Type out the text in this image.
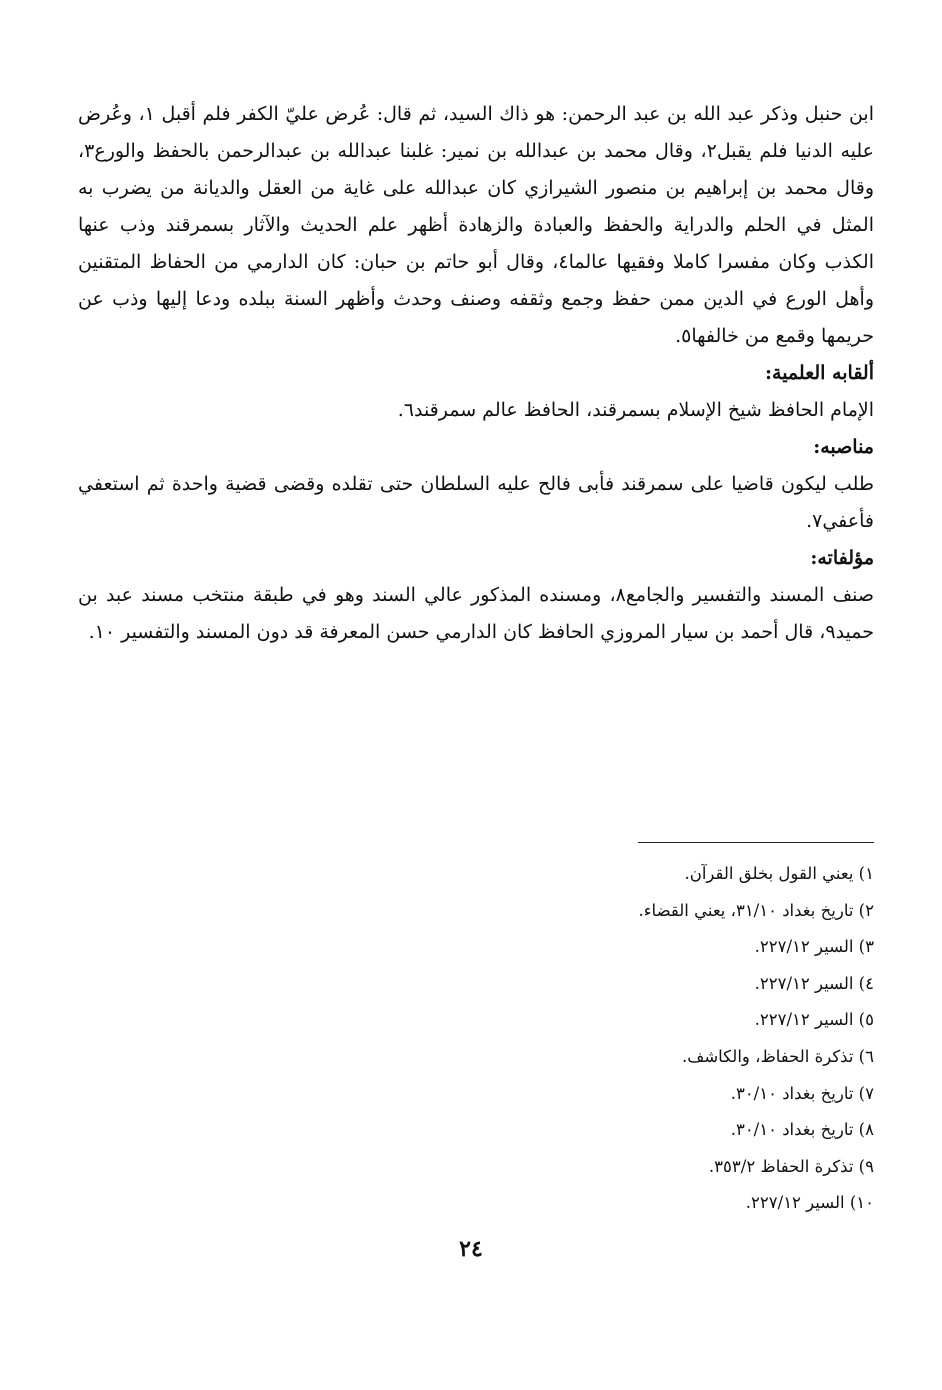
ابن حنبل وذكر عبد الله بن عبد الرحمن: هو ذاك السيد، ثم قال: عُرض عليّ الكفر فلم أقبل ١، وعُرض عليه الدنيا فلم يقبل٢، وقال محمد بن عبدالله بن نمير: غلبنا عبدالله بن عبدالرحمن بالحفظ والورع٣، وقال محمد بن إبراهيم بن منصور الشيرازي كان عبدالله على غاية من العقل والديانة من يضرب به المثل في الحلم والدراية والحفظ والعبادة والزهادة أظهر علم الحديث والآثار بسمرقند وذب عنها الكذب وكان مفسرا كاملا وفقيها عالما٤، وقال أبو حاتم بن حبان: كان الدارمي من الحفاظ المتقنين وأهل الورع في الدين ممن حفظ وجمع وثقفه وصنف وحدث وأظهر السنة ببلده ودعا إليها وذب عن حريمها وقمع من خالفها٥.

ألقابه العلمية:

الإمام الحافظ شيخ الإسلام بسمرقند، الحافظ عالم سمرقند٦.

مناصبه:

طلب ليكون قاضيا على سمرقند فأبى فالح عليه السلطان حتى تقلده وقضى قضية واحدة ثم استعفي فأعفي٧.

مؤلفاته:

صنف المسند والتفسير والجامع٨، ومسنده المذكور عالي السند وهو في طبقة منتخب مسند عبد بن حميد٩، قال أحمد بن سيار المروزي الحافظ كان الدارمي حسن المعرفة قد دون المسند والتفسير ١٠.

١) يعني القول بخلق القرآن.
٢) تاريخ بغداد ٣١/١٠، يعني القضاء.
٣) السير ٢٢٧/١٢.
٤) السير ٢٢٧/١٢.
٥) السير ٢٢٧/١٢.
٦) تذكرة الحفاظ، والكاشف.
٧) تاريخ بغداد ٣٠/١٠.
٨) تاريخ بغداد ٣٠/١٠.
٩) تذكرة الحفاظ ٣٥٣/٢.
١٠) السير ٢٢٧/١٢.
٢٤
